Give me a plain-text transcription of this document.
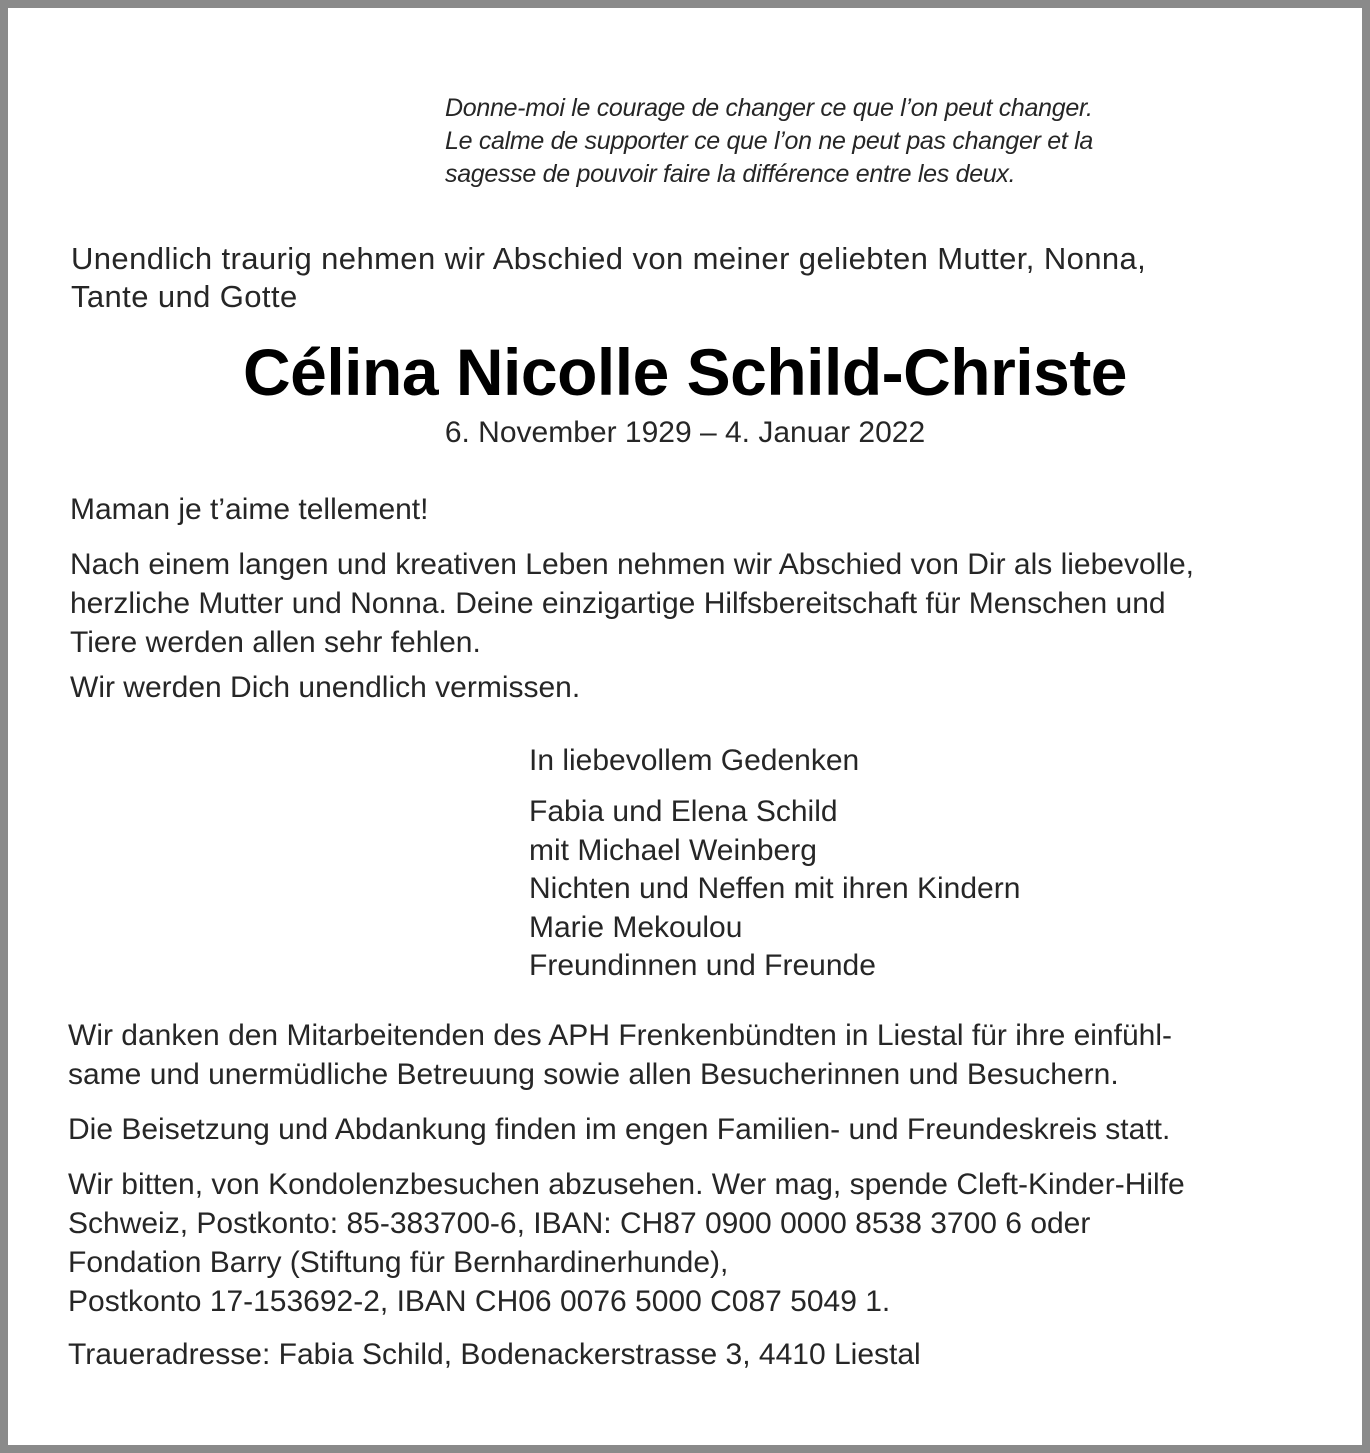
Donne-moi le courage de changer ce que l’on peut changer.
Le calme de supporter ce que l’on ne peut pas changer et la
sagesse de pouvoir faire la différence entre les deux.
Unendlich traurig nehmen wir Abschied von meiner geliebten Mutter, Nonna,
Tante und Gotte
Célina Nicolle Schild-Christe
6. November 1929 – 4. Januar 2022
Maman je t’aime tellement!
Nach einem langen und kreativen Leben nehmen wir Abschied von Dir als liebevolle,
herzliche Mutter und Nonna. Deine einzigartige Hilfsbereitschaft für Menschen und
Tiere werden allen sehr fehlen.
Wir werden Dich unendlich vermissen.
In liebevollem Gedenken
Fabia und Elena Schild
mit Michael Weinberg
Nichten und Neffen mit ihren Kindern
Marie Mekoulou
Freundinnen und Freunde
Wir danken den Mitarbeitenden des APH Frenkenbündten in Liestal für ihre einfühl-
same und unermüdliche Betreuung sowie allen Besucherinnen und Besuchern.
Die Beisetzung und Abdankung finden im engen Familien- und Freundeskreis statt.
Wir bitten, von Kondolenzbesuchen abzusehen. Wer mag, spende Cleft-Kinder-Hilfe
Schweiz, Postkonto: 85-383700-6, IBAN: CH87 0900 0000 8538 3700 6 oder
Fondation Barry (Stiftung für Bernhardinerhunde),
Postkonto 17-153692-2, IBAN CH06 0076 5000 C087 5049 1.
Traueradresse: Fabia Schild, Bodenackerstrasse 3, 4410 Liestal
